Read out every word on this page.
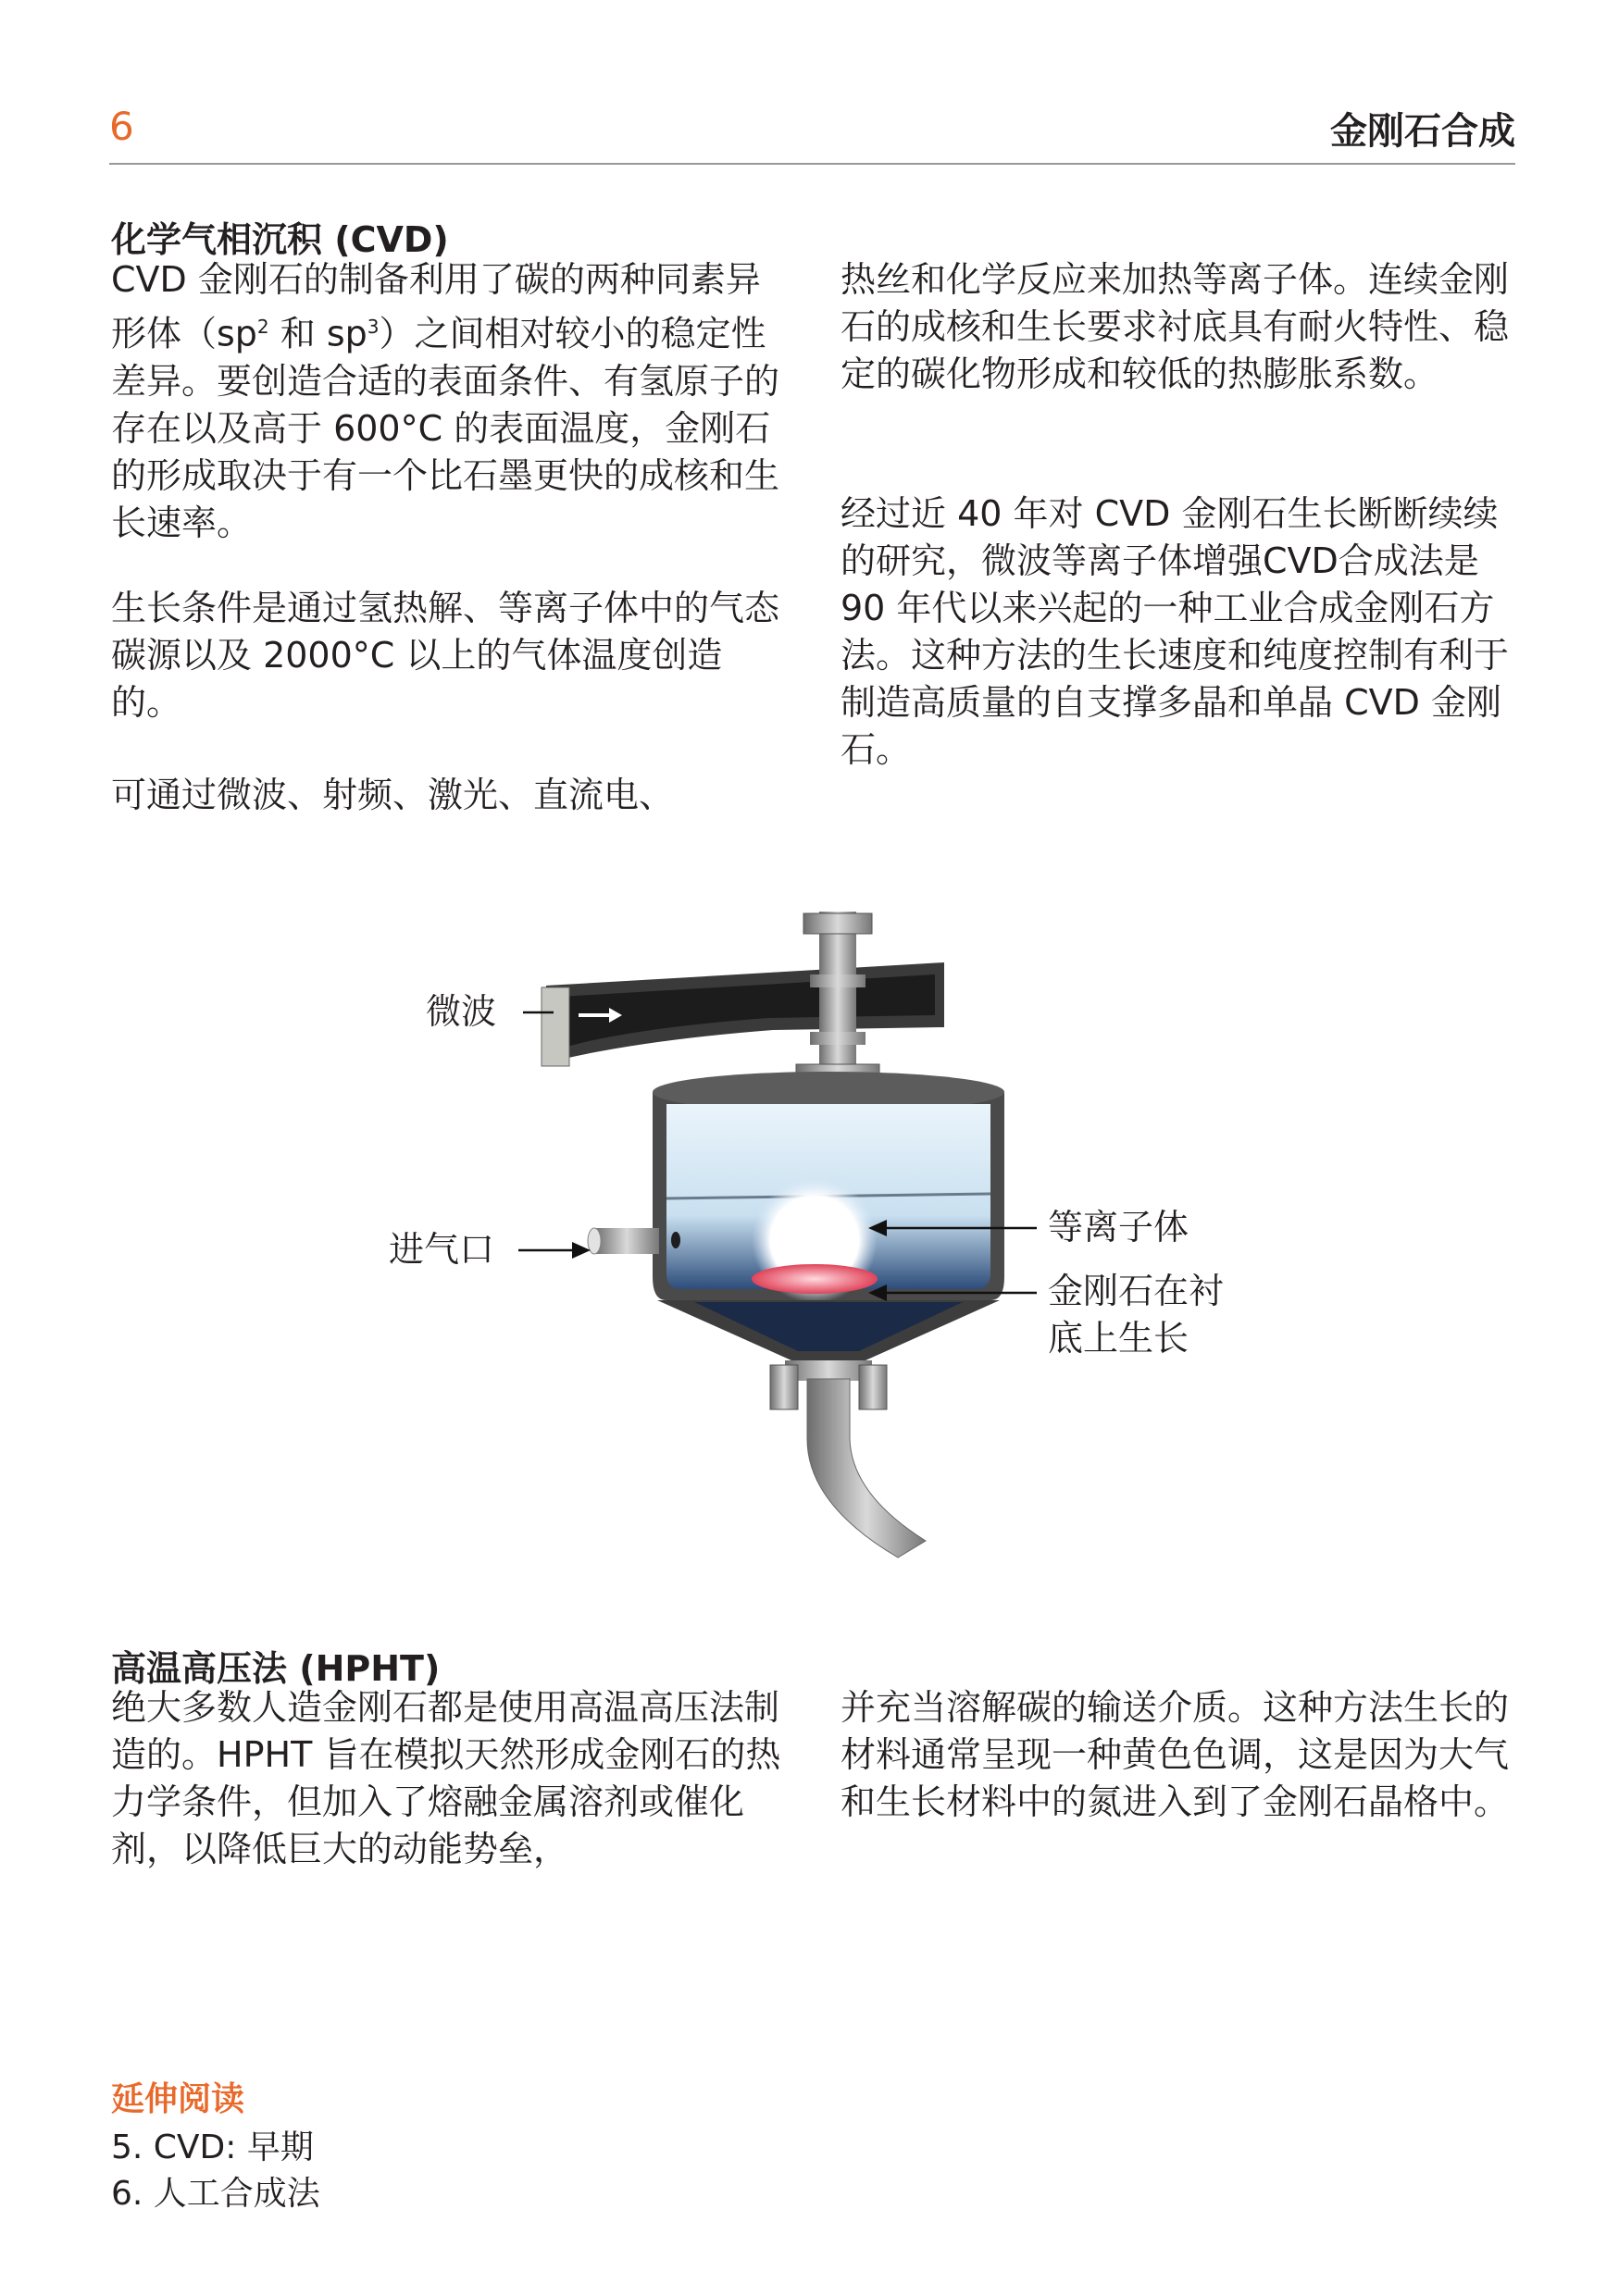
6	金刚石合成
化学气相沉积 (CVD)

CVD 金刚石的制备利用了碳的两种同素异形体（$sp^2$ 和 $sp^3$）之间相对较小的稳定性差异。要创造合适的表面条件、有氢原子的存在以及高于 600°C 的表面温度，金刚石的形成取决于有一个比石墨更快的成核和生长速率。

生长条件是通过氢热解、等离子体中的气态碳源以及 2000°C 以上的气体温度创造的。

可通过微波、射频、激光、直流电、

热丝和化学反应来加热等离子体。连续金刚石的成核和生长要求衬底具有耐火特性、稳定的碳化物形成和较低的热膨胀系数。

经过近 40 年对 CVD 金刚石生长断断续续的研究，微波等离子体增强CVD合成法是90 年代以来兴起的一种工业合成金刚石方法。这种方法的生长速度和纯度控制有利于制造高质量的自支撑多晶和单晶 CVD 金刚石。

微波
进气口
等离子体
金刚石在衬
底上生长
高温高压法 (HPHT)

绝大多数人造金刚石都是使用高温高压法制造的。HPHT 旨在模拟天然形成金刚石的热力学条件，但加入了熔融金属溶剂或催化剂，以降低巨大的动能势垒，

并充当溶解碳的输送介质。这种方法生长的材料通常呈现一种黄色色调，这是因为大气和生长材料中的氮进入到了金刚石晶格中。

延伸阅读
5. CVD: 早期
6. 人工合成法
